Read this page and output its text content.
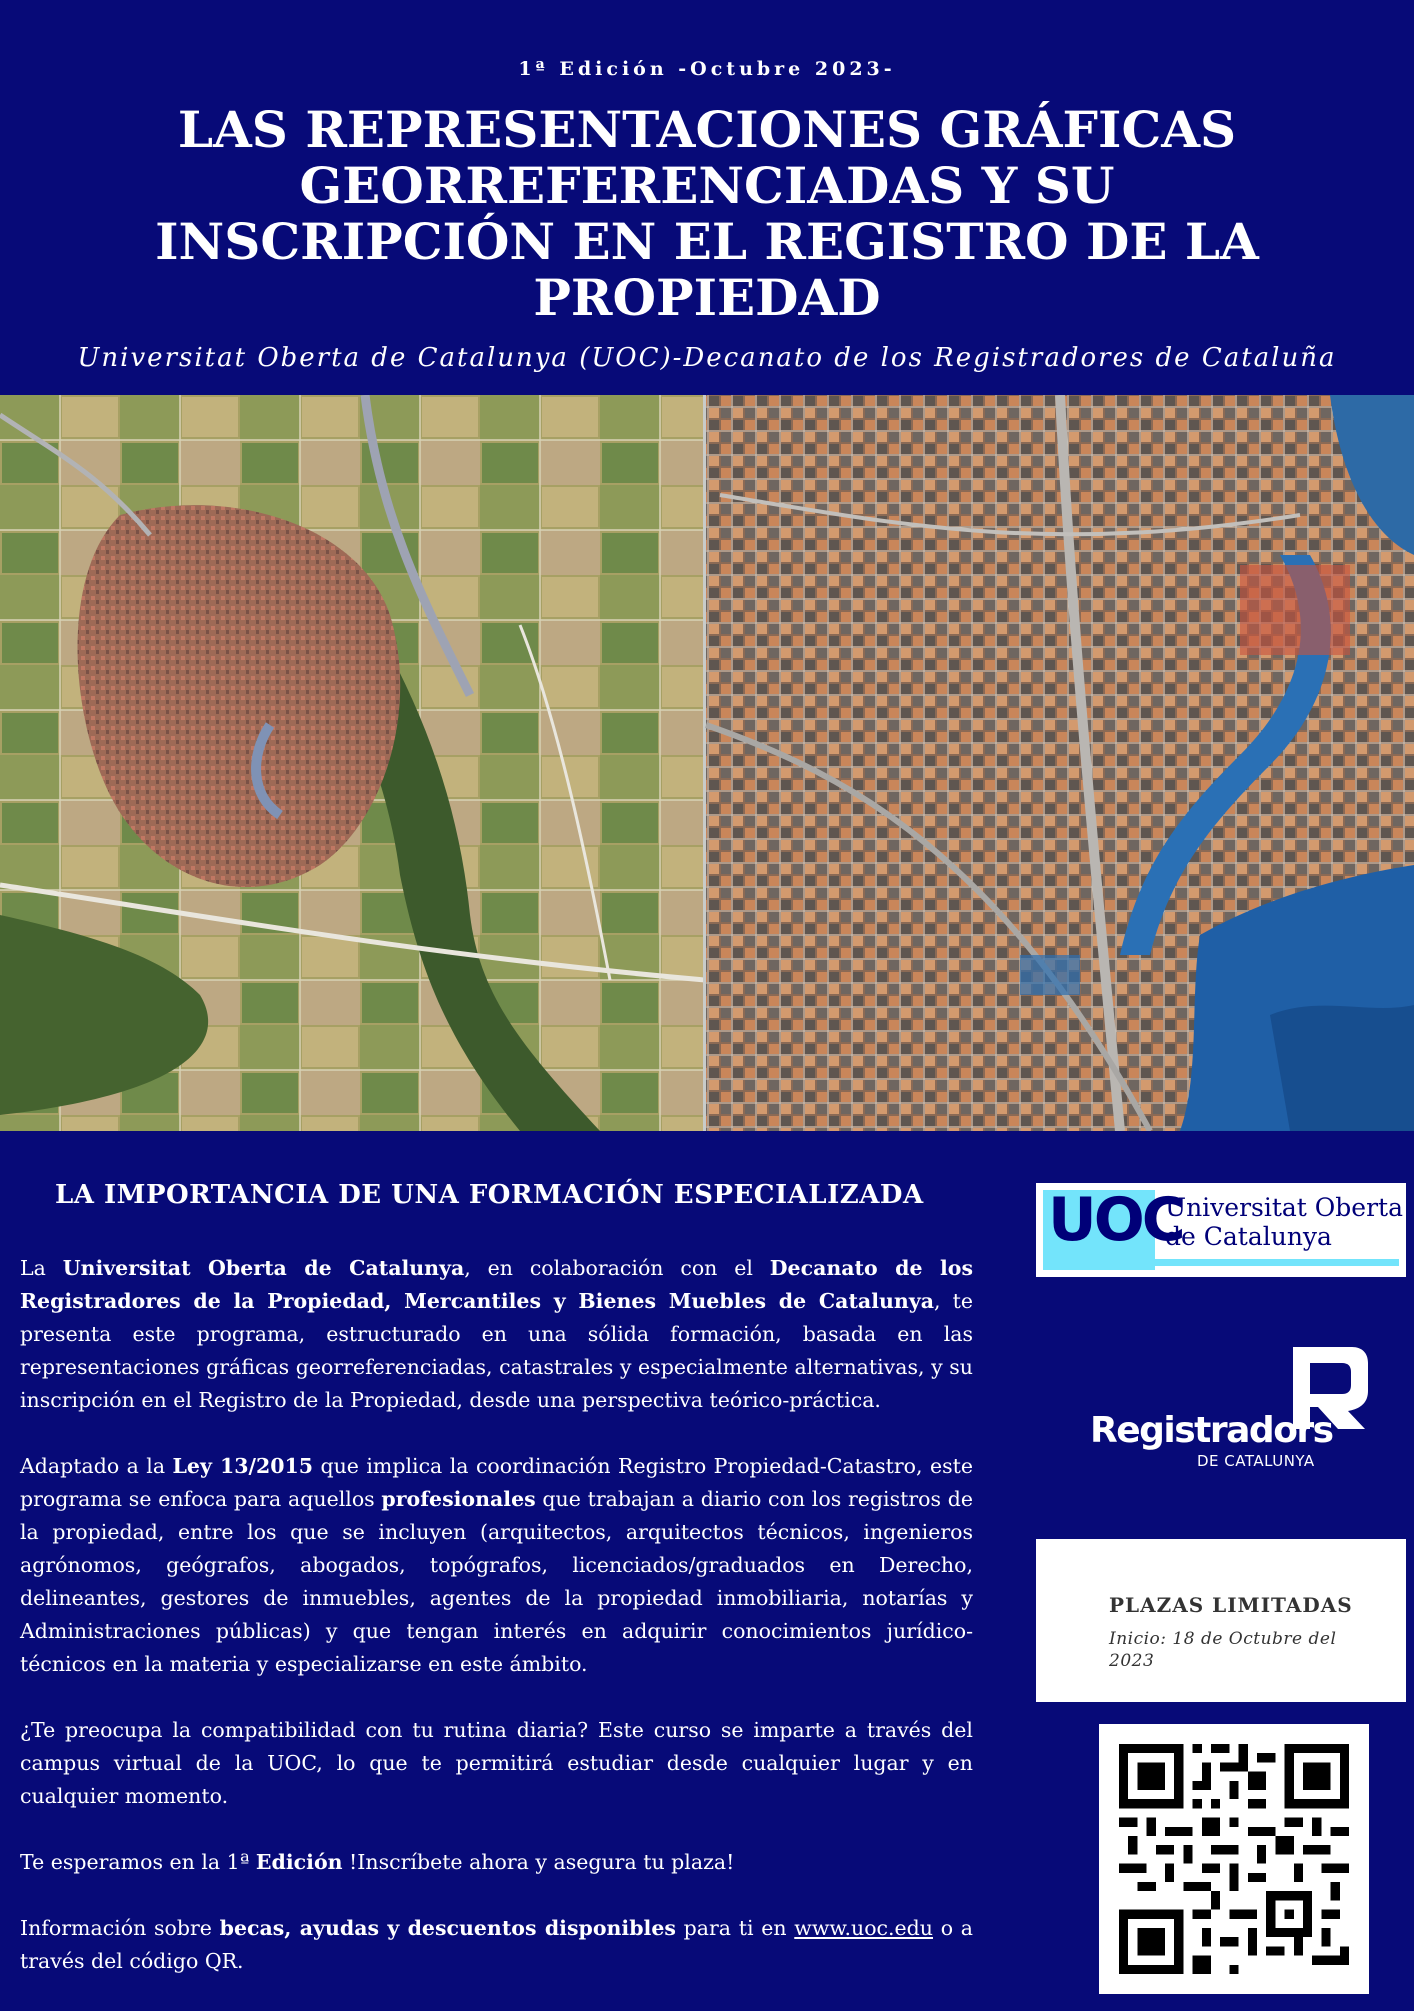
1ª Edición -Octubre 2023-
LAS REPRESENTACIONES GRÁFICAS GEORREFERENCIADAS Y SU INSCRIPCIÓN EN EL REGISTRO DE LA PROPIEDAD
Universitat Oberta de Catalunya (UOC)-Decanato de los Registradores de Cataluña
LA IMPORTANCIA DE UNA FORMACIÓN ESPECIALIZADA

La Universitat Oberta de Catalunya, en colaboración con el Decanato de los Registradores de la Propiedad, Mercantiles y Bienes Muebles de Catalunya, te presenta este programa, estructurado en una sólida formación, basada en las representaciones gráficas georreferenciadas, catastrales y especialmente alternativas, y su inscripción en el Registro de la Propiedad, desde una perspectiva teórico-práctica.

Adaptado a la Ley 13/2015 que implica la coordinación Registro Propiedad-Catastro, este programa se enfoca para aquellos profesionales que trabajan a diario con los registros de la propiedad, entre los que se incluyen (arquitectos, arquitectos técnicos, ingenieros agrónomos, geógrafos, abogados, topógrafos, licenciados/graduados en Derecho, delineantes, gestores de inmuebles, agentes de la propiedad inmobiliaria, notarías y Administraciones públicas) y que tengan interés en adquirir conocimientos jurídico-técnicos en la materia y especializarse en este ámbito.

¿Te preocupa la compatibilidad con tu rutina diaria? Este curso se imparte a través del campus virtual de la UOC, lo que te permitirá estudiar desde cualquier lugar y en cualquier momento.

Te esperamos en la 1ª Edición !Inscríbete ahora y asegura tu plaza!

Información sobre becas, ayudas y descuentos disponibles para ti en www.uoc.edu o a través del código QR.

UOC
Universitat Oberta
de Catalunya
Registradors
DE CATALUNYA
PLAZAS LIMITADAS
Inicio: 18 de Octubre del 2023
